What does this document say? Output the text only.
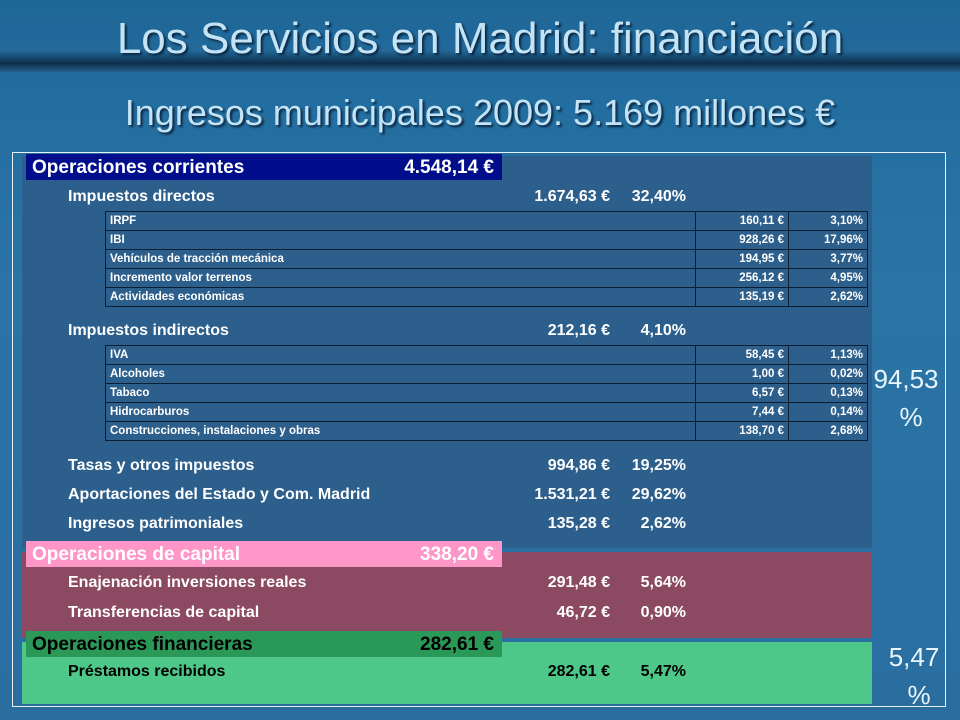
Los Servicios en Madrid: financiación
Ingresos municipales 2009: 5.169 millones €
Operaciones corrientes	4.548,14 €
Impuestos directos	1.674,63 € 32,40%
IRPF	160,11 €	3,10%
IBI	928,26 €	17,96%
Vehículos de tracción mecánica	194,95 €	3,77%
Incremento valor terrenos	256,12 €	4,95%
Actividades económicas	135,19 €	2,62%
Impuestos indirectos	212,16 € 4,10%
IVA	58,45 €	1,13%
Alcoholes	1,00 €	0,02%
Tabaco	6,57 €	0,13%
Hidrocarburos	7,44 €	0,14%
Construcciones, instalaciones y obras	138,70 €	2,68%
Tasas y otros impuestos	994,86 € 19,25%
Aportaciones del Estado y Com. Madrid	1.531,21 € 29,62%
Ingresos patrimoniales	135,28 € 2,62%
94,53
%
Operaciones de capital	338,20 €
Enajenación inversiones reales	291,48 € 5,64%
Transferencias de capital	46,72 € 0,90%
Operaciones financieras	282,61 €
Préstamos recibidos	282,61 € 5,47%	5,47
%
